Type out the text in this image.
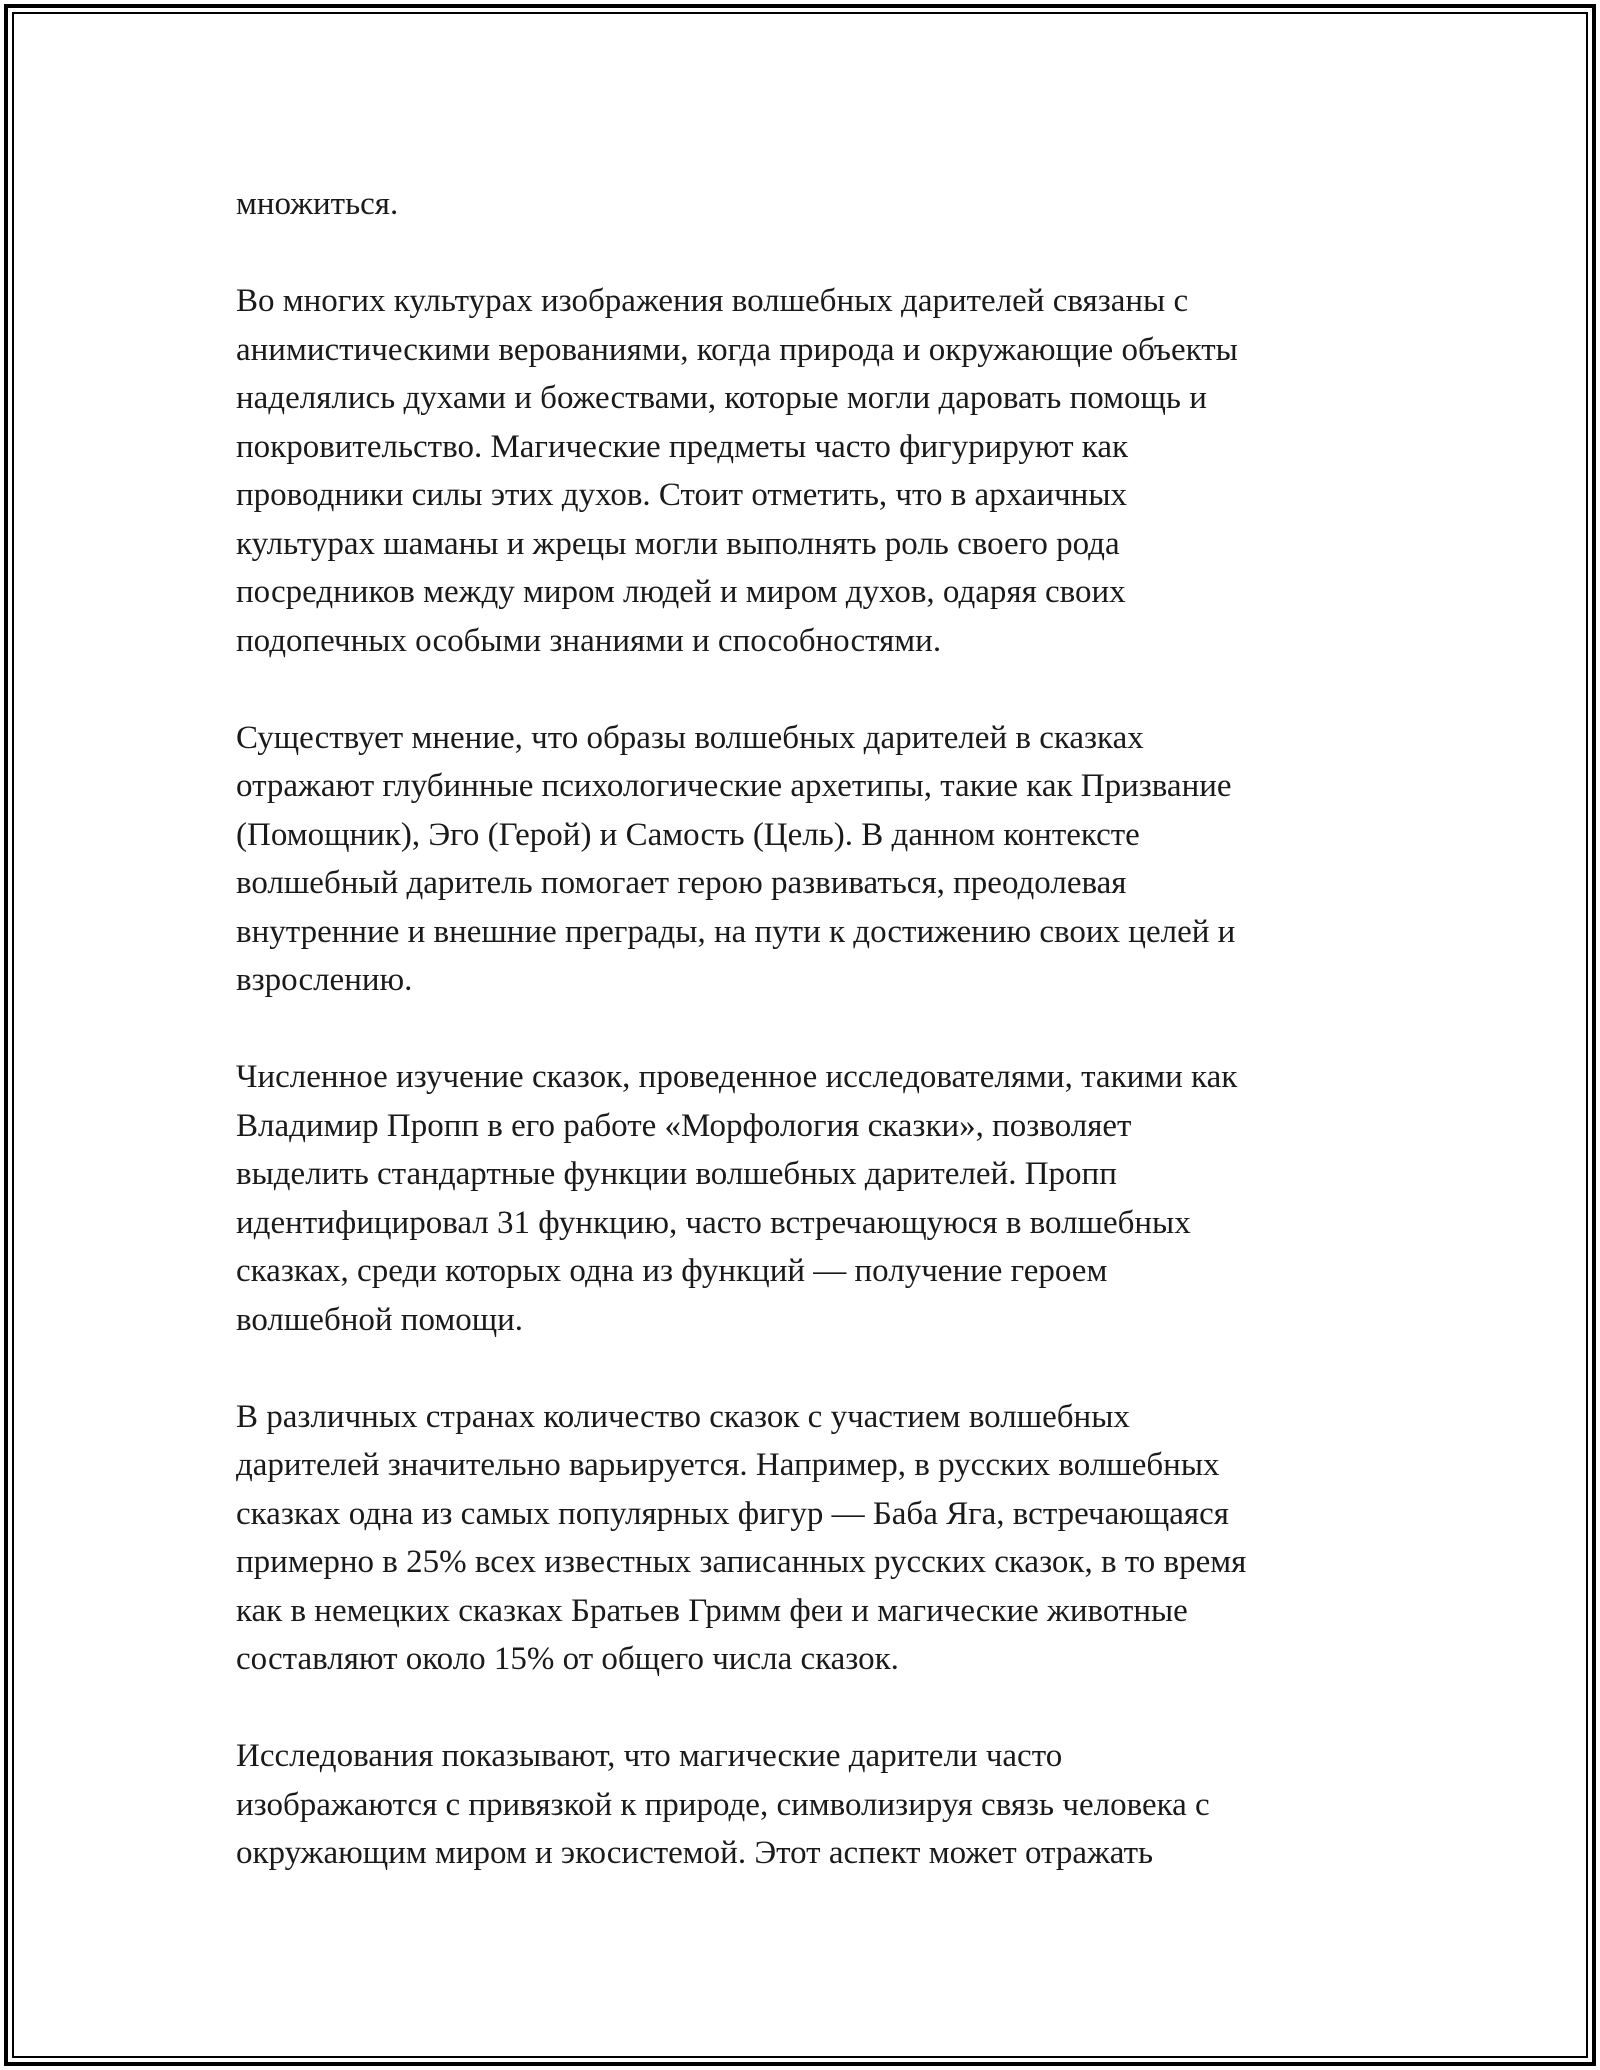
множиться.

Во многих культурах изображения волшебных дарителей связаны с
анимистическими верованиями, когда природа и окружающие объекты
наделялись духами и божествами, которые могли даровать помощь и
покровительство. Магические предметы часто фигурируют как
проводники силы этих духов. Стоит отметить, что в архаичных
культурах шаманы и жрецы могли выполнять роль своего рода
посредников между миром людей и миром духов, одаряя своих
подопечных особыми знаниями и способностями.

Существует мнение, что образы волшебных дарителей в сказках
отражают глубинные психологические архетипы, такие как Призвание
(Помощник), Эго (Герой) и Самость (Цель). В данном контексте
волшебный даритель помогает герою развиваться, преодолевая
внутренние и внешние преграды, на пути к достижению своих целей и
взрослению.

Численное изучение сказок, проведенное исследователями, такими как
Владимир Пропп в его работе «Морфология сказки», позволяет
выделить стандартные функции волшебных дарителей. Пропп
идентифицировал 31 функцию, часто встречающуюся в волшебных
сказках, среди которых одна из функций — получение героем
волшебной помощи.

В различных странах количество сказок с участием волшебных
дарителей значительно варьируется. Например, в русских волшебных
сказках одна из самых популярных фигур — Баба Яга, встречающаяся
примерно в 25% всех известных записанных русских сказок, в то время
как в немецких сказках Братьев Гримм феи и магические животные
составляют около 15% от общего числа сказок.

Исследования показывают, что магические дарители часто
изображаются с привязкой к природе, символизируя связь человека с
окружающим миром и экосистемой. Этот аспект может отражать
